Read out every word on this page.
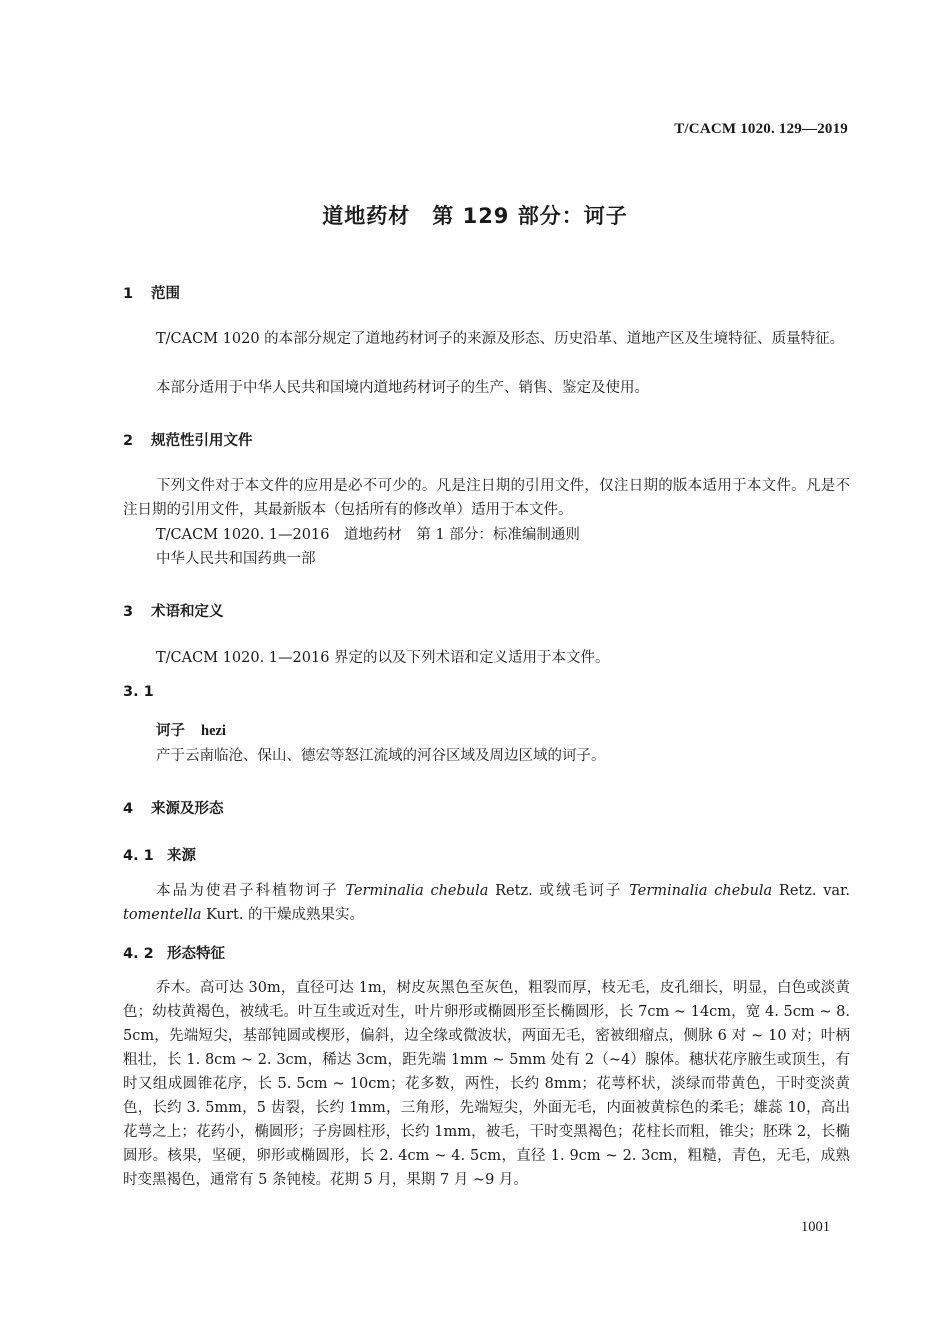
T/CACM 1020. 129—2019
道地药材　第 129 部分：诃子
1 范围
T/CACM 1020 的本部分规定了道地药材诃子的来源及形态、历史沿革、道地产区及生境特征、质量特征。
本部分适用于中华人民共和国境内道地药材诃子的生产、销售、鉴定及使用。
2 规范性引用文件
下列文件对于本文件的应用是必不可少的。凡是注日期的引用文件，仅注日期的版本适用于本文件。凡是不注日期的引用文件，其最新版本（包括所有的修改单）适用于本文件。
T/CACM 1020. 1—2016　道地药材　第 1 部分：标准编制通则
中华人民共和国药典一部
3 术语和定义
T/CACM 1020. 1—2016 界定的以及下列术语和定义适用于本文件。
3. 1
诃子 hezi
产于云南临沧、保山、德宏等怒江流域的河谷区域及周边区域的诃子。
4 来源及形态
4. 1 来源
本品为使君子科植物诃子 Terminalia chebula Retz. 或绒毛诃子 Terminalia chebula Retz. var. tomentella Kurt. 的干燥成熟果实。
4. 2 形态特征
乔木。高可达 30m，直径可达 1m，树皮灰黑色至灰色，粗裂而厚，枝无毛，皮孔细长，明显，白色或淡黄色；幼枝黄褐色，被绒毛。叶互生或近对生，叶片卵形或椭圆形至长椭圆形，长 7cm ~ 14cm，宽 4. 5cm ~ 8. 5cm，先端短尖，基部钝圆或楔形，偏斜，边全缘或微波状，两面无毛，密被细瘤点，侧脉 6 对 ~ 10 对；叶柄粗壮，长 1. 8cm ~ 2. 3cm，稀达 3cm，距先端 1mm ~ 5mm 处有 2（~4）腺体。穗状花序腋生或顶生，有时又组成圆锥花序，长 5. 5cm ~ 10cm；花多数，两性，长约 8mm；花萼杯状，淡绿而带黄色，干时变淡黄色，长约 3. 5mm，5 齿裂，长约 1mm，三角形，先端短尖，外面无毛，内面被黄棕色的柔毛；雄蕊 10，高出花萼之上；花药小，椭圆形；子房圆柱形，长约 1mm，被毛，干时变黑褐色；花柱长而粗，锥尖；胚珠 2，长椭圆形。核果，坚硬，卵形或椭圆形，长 2. 4cm ~ 4. 5cm，直径 1. 9cm ~ 2. 3cm，粗糙，青色，无毛，成熟时变黑褐色，通常有 5 条钝棱。花期 5 月，果期 7 月 ~9 月。
1001
